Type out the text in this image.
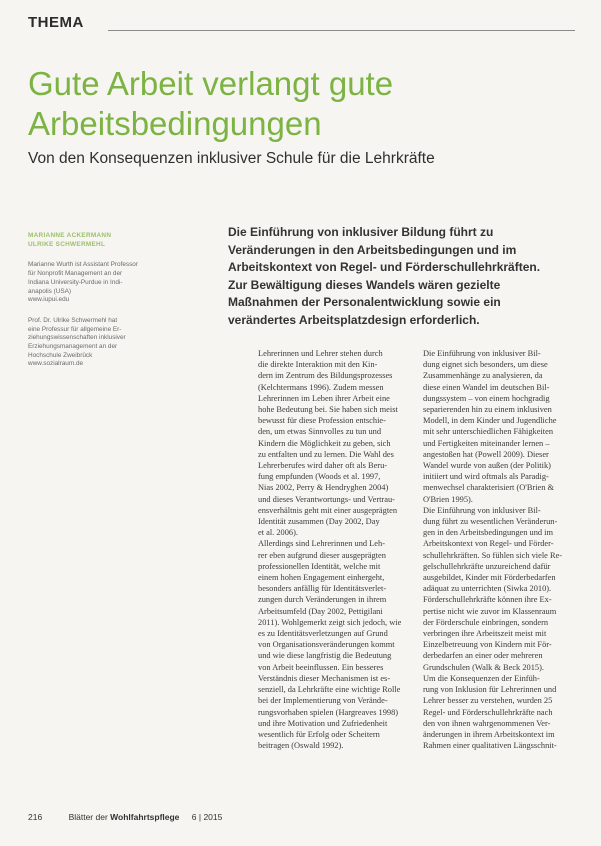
THEMA
Gute Arbeit verlangt gute Arbeitsbedingungen
Von den Konsequenzen inklusiver Schule für die Lehrkräfte

MARIANNE ACKERMANN
ULRIKE SCHWERMEHL

Marianne Wurth ist Assistant Professor
für Nonprofit Management an der
Indiana University-Purdue in Indi-
anapolis (USA)
www.iupui.edu

Prof. Dr. Ulrike Schwermehl hat
eine Professur für allgemeine Er-
ziehungswissenschaften inklusiver
Erziehungsmanagement an der
Hochschule Zweibrück
www.sozialraum.de

Die Einführung von inklusiver Bildung führt zu
Veränderungen in den Arbeitsbedingungen und im
Arbeitskontext von Regel- und Förderschullehrkräften.
Zur Bewältigung dieses Wandels wären gezielte
Maßnahmen der Personalentwicklung sowie ein
verändertes Arbeitsplatzdesign erforderlich.
Lehrerinnen und Lehrer stehen durch
die direkte Interaktion mit den Kin-
dern im Zentrum des Bildungsprozesses
(Kelchtermans 1996). Zudem messen
Lehrerinnen im Leben ihrer Arbeit eine
hohe Bedeutung bei. Sie haben sich meist
bewusst für diese Profession entschie-
den, um etwas Sinnvolles zu tun und
Kindern die Möglichkeit zu geben, sich
zu entfalten und zu lernen. Die Wahl des
Lehrerberufes wird daher oft als Beru-
fung empfunden (Woods et al. 1997,
Nias 2002, Perry & Hendryghen 2004)
und dieses Verantwortungs- und Vertrau-
ensverhältnis geht mit einer ausgeprägten
Identität zusammen (Day 2002, Day
et al. 2006).
Allerdings sind Lehrerinnen und Leh-
rer eben aufgrund dieser ausgeprägten
professionellen Identität, welche mit
einem hohen Engagement einhergeht,
besonders anfällig für Identitätsverlet-
zungen durch Veränderungen in ihrem
Arbeitsumfeld (Day 2002, Pettigilani
2011). Wohlgemerkt zeigt sich jedoch, wie
es zu Identitätsverletzungen auf Grund
von Organisationsveränderungen kommt
und wie diese langfristig die Bedeutung
von Arbeit beeinflussen. Ein besseres
Verständnis dieser Mechanismen ist es-
senziell, da Lehrkräfte eine wichtige Rolle
bei der Implementierung von Verände-
rungsvorhaben spielen (Hargreaves 1998)
und ihre Motivation und Zufriedenheit
wesentlich für Erfolg oder Scheitern
beitragen (Oswald 1992).
Die Einführung von inklusiver Bil-
dung eignet sich besonders, um diese
Zusammenhänge zu analysieren, da
diese einen Wandel im deutschen Bil-
dungssystem – von einem hochgradig
separierenden hin zu einem inklusiven
Modell, in dem Kinder und Jugendliche
mit sehr unterschiedlichen Fähigkeiten
und Fertigkeiten miteinander lernen –
angestoßen hat (Powell 2009). Dieser
Wandel wurde von außen (der Politik)
initiiert und wird oftmals als Paradig-
menwechsel charakterisiert (O'Brien &
O'Brien 1995).
Die Einführung von inklusiver Bil-
dung führt zu wesentlichen Veränderun-
gen in den Arbeitsbedingungen und im
Arbeitskontext von Regel- und Förder-
schullehrkräften. So fühlen sich viele Re-
gelschullehrkräfte unzureichend dafür
ausgebildet, Kinder mit Förderbedarfen
adäquat zu unterrichten (Siwka 2010).
Förderschullehrkräfte können ihre Ex-
pertise nicht wie zuvor im Klassenraum
der Förderschule einbringen, sondern
verbringen ihre Arbeitszeit meist mit
Einzelbetreuung von Kindern mit För-
derbedarfen an einer oder mehreren
Grundschulen (Walk & Beck 2015).
Um die Konsequenzen der Einfüh-
rung von Inklusion für Lehrerinnen und
Lehrer besser zu verstehen, wurden 25
Regel- und Förderschullehrkräfte nach
den von ihnen wahrgenommenen Ver-
änderungen in ihrem Arbeitskontext im
Rahmen einer qualitativen Längsschnit-
216	Blätter der Wohlfahrtspflege 6 | 2015
